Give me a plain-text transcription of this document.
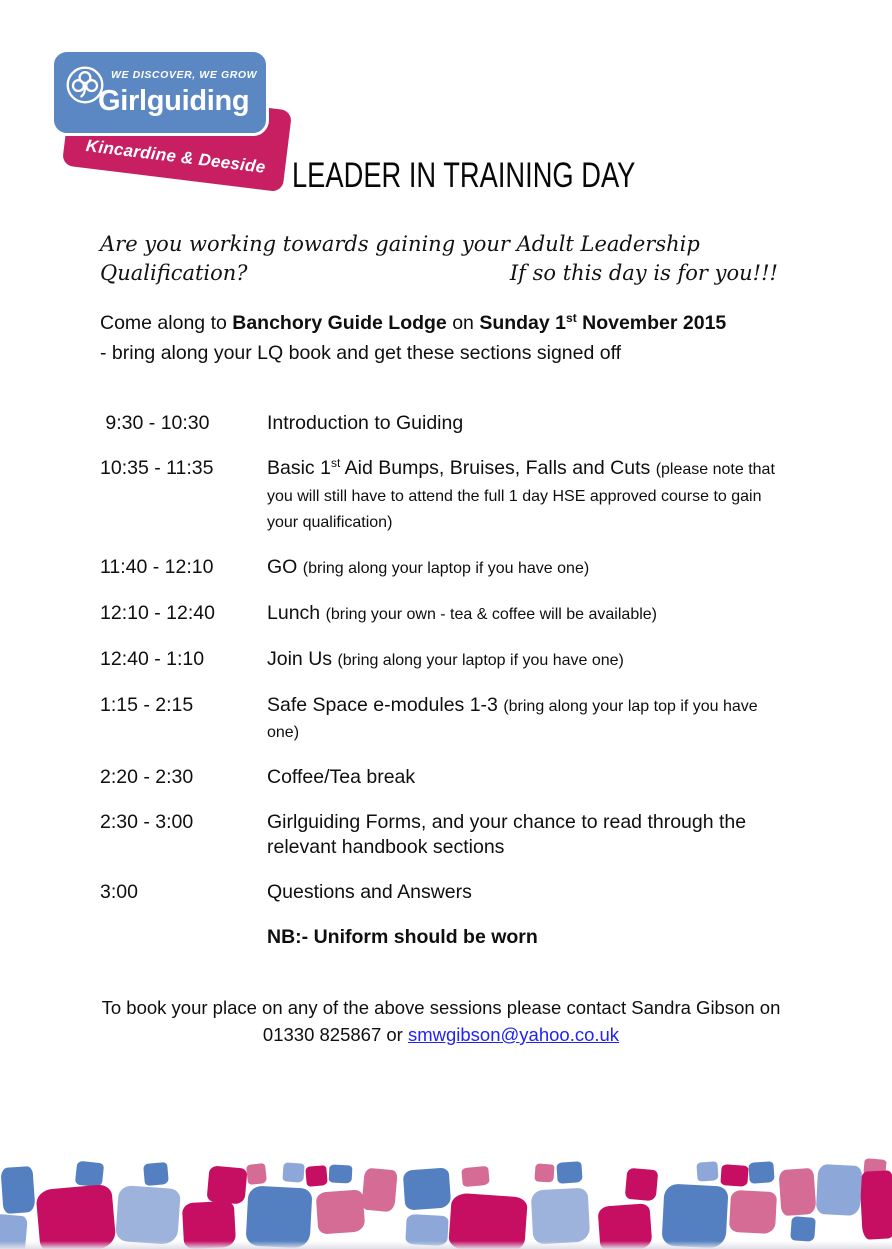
Kincardine & Deeside
WE DISCOVER, WE GROW
Girlguiding
LEADER IN TRAINING DAY
Are you working towards gaining your Adult Leadership
Qualification?	If so this day is for you!!!
Come along to Banchory Guide Lodge on Sunday 1st November 2015
- bring along your LQ book and get these sections signed off
9:30 - 10:30	Introduction to Guiding
10:35 - 11:35	Basic 1st Aid Bumps, Bruises, Falls and Cuts (please note that you will still have to attend the full 1 day HSE approved course to gain your qualification)
11:40 - 12:10	GO (bring along your laptop if you have one)
12:10 - 12:40	Lunch (bring your own - tea & coffee will be available)
12:40 - 1:10	Join Us (bring along your laptop if you have one)
1:15 - 2:15	Safe Space e-modules 1-3 (bring along your lap top if you have one)
2:20 - 2:30	Coffee/Tea break
2:30 - 3:00	Girlguiding Forms, and your chance to read through the relevant handbook sections
3:00	Questions and Answers
NB:- Uniform should be worn
To book your place on any of the above sessions please contact Sandra Gibson on
01330 825867 or smwgibson@yahoo.co.uk
